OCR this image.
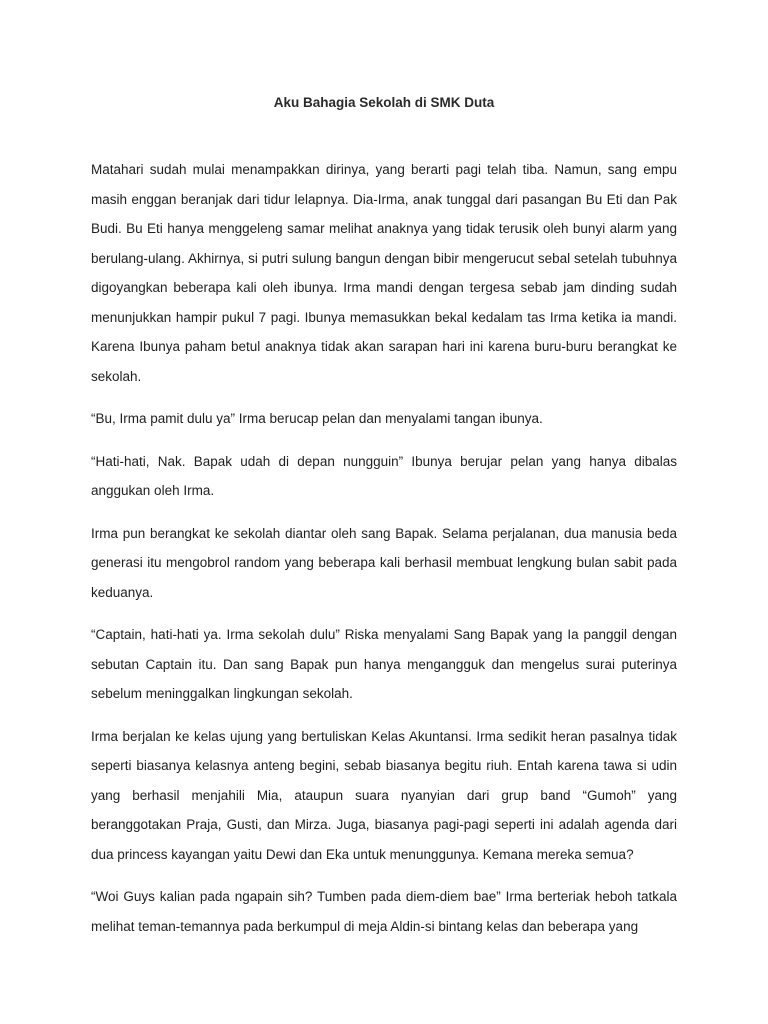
Aku Bahagia Sekolah di SMK Duta

Matahari sudah mulai menampakkan dirinya, yang berarti pagi telah tiba. Namun, sang empu masih enggan beranjak dari tidur lelapnya. Dia-Irma, anak tunggal dari pasangan Bu Eti dan Pak Budi. Bu Eti hanya menggeleng samar melihat anaknya yang tidak terusik oleh bunyi alarm yang berulang-ulang. Akhirnya, si putri sulung bangun dengan bibir mengerucut sebal setelah tubuhnya digoyangkan beberapa kali oleh ibunya. Irma mandi dengan tergesa sebab jam dinding sudah menunjukkan hampir pukul 7 pagi. Ibunya memasukkan bekal kedalam tas Irma ketika ia mandi. Karena Ibunya paham betul anaknya tidak akan sarapan hari ini karena buru-buru berangkat ke sekolah.

“Bu, Irma pamit dulu ya” Irma berucap pelan dan menyalami tangan ibunya.

“Hati-hati, Nak. Bapak udah di depan nungguin” Ibunya berujar pelan yang hanya dibalas anggukan oleh Irma.

Irma pun berangkat ke sekolah diantar oleh sang Bapak. Selama perjalanan, dua manusia beda generasi itu mengobrol random yang beberapa kali berhasil membuat lengkung bulan sabit pada keduanya.

“Captain, hati-hati ya. Irma sekolah dulu” Riska menyalami Sang Bapak yang Ia panggil dengan sebutan Captain itu. Dan sang Bapak pun hanya mengangguk dan mengelus surai puterinya sebelum meninggalkan lingkungan sekolah.

Irma berjalan ke kelas ujung yang bertuliskan Kelas Akuntansi. Irma sedikit heran pasalnya tidak seperti biasanya kelasnya anteng begini, sebab biasanya begitu riuh. Entah karena tawa si udin yang berhasil menjahili Mia, ataupun suara nyanyian dari grup band “Gumoh” yang beranggotakan Praja, Gusti, dan Mirza. Juga, biasanya pagi-pagi seperti ini adalah agenda dari dua princess kayangan yaitu Dewi dan Eka untuk menunggunya. Kemana mereka semua?

“Woi Guys kalian pada ngapain sih? Tumben pada diem-diem bae” Irma berteriak heboh tatkala melihat teman-temannya pada berkumpul di meja Aldin-si bintang kelas dan beberapa yang
